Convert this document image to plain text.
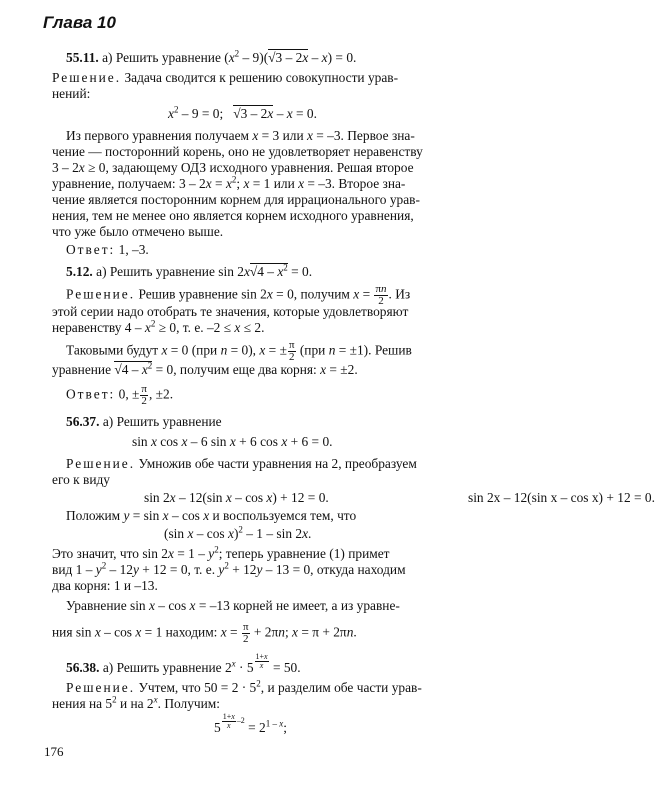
Глава 10
55.11. а) Решить уравнение $(x^2 - 9)(√3 - 2x - x) = 0$.
Решение. Задача сводится к решению совокупности урав-
нений:
$x^2 - 9 = 0$;   √3 – 2x – x = 0.
Из первого уравнения получаем x = 3 или x = –3. Первое зна-
чение — посторонний корень, оно не удовлетворяет неравенству
3 – 2x ≥ 0, задающему ОДЗ исходного уравнения. Решая второе
уравнение, получаем: $3 - 2x = x^2$; x = 1 или x = –3. Второе зна-
чение является посторонним корнем для иррационального урав-
нения, тем не менее оно является корнем исходного уравнения,
что уже было отмечено выше.
Ответ: 1, –3.
5.12. а) Решить уравнение $\sin 2x√4 - x^2 = 0$.
Решение. Решив уравнение sin 2x = 0, получим $x = \frac{\pi n}{2}$ . Из
этой серии надо отобрать те значения, которые удовлетворяют
неравенству $4 - x^2 \ge 0$, т. е. –2 ≤ x ≤ 2.
Таковыми будут x = 0 (при n = 0), x = ± $\frac{\pi}{2} (при$ n = ±1). Решив
уравнение $√4 - x^2 = 0$, получим еще два корня: x = ±2.
Ответ: 0, ± $\frac{\pi}{2}$ , ±2.
56.37. а) Решить уравнение
sin x cos x – 6 sin x + 6 cos x + 6 = 0.
Решение. Умножив обе части уравнения на 2, преобразуем
его к виду
sin 2x – 12(sin x – cos x) + 12 = 0.	sin 2x – 12(sin x – cos x) + 12 = 0.
Положим y = sin x – cos x и воспользуемся тем, что
(sin x – cos x)$^2$ – 1 – sin 2x.
Это значит, что $\sin 2x = 1 - y^2$; теперь уравнение (1) примет
вид $1 - y^2 - 12y + 12 = 0$, т. е. $y^2 + 12y - 13 = 0$, откуда находим
два корня: 1 и –13.
Уравнение sin x – cos x = –13 корней не имеет, а из уравне-
ния sin x – cos x = 1 находим: $x = \frac{\pi}{2} + 2\pi n$; x = π + 2πn.
56.38. а) Решить уравнение $2^x \cdot 5$ $^{\frac{1+x}{x}}$ = 50.
Решение. Учтем, что $50 = 2 \cdot 5^2$, и разделим обе части урав-
нения на $5^2$ и на 2$^x$. Получим:
5 $^{\frac{1+x}{x} -2} = 2^{1 - x}$;
176
